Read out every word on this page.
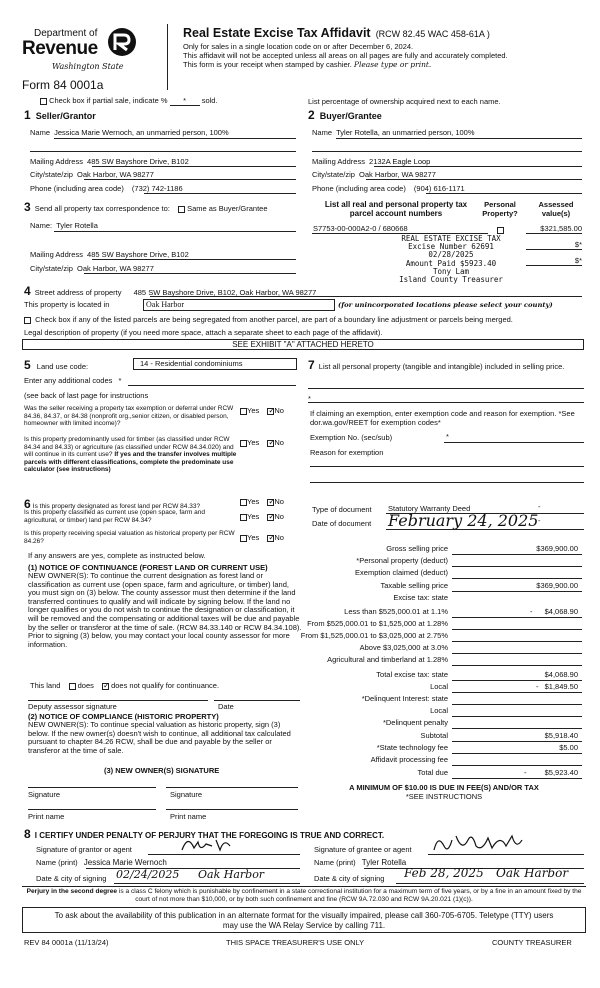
Department of
Revenue
Washington State
Form 84 0001a
Real Estate Excise Tax Affidavit (RCW 82.45 WAC 458-61A )
Only for sales in a single location code on or after December 6, 2024.
This affidavit will not be accepted unless all areas on all pages are fully and accurately completed.
This form is your receipt when stamped by cashier. Please type or print.
Check box if partial sale, indicate % * sold.	List percentage of ownership acquired next to each name.
1 Seller/Grantor	2 Buyer/Grantee
Name Jessica Marie Wernoch, an unmarried person, 100%
Mailing Address 485 SW Bayshore Drive, B102
City/state/zip Oak Harbor, WA 98277
Phone (including area code) (732) 742-1186
Name Tyler Rotella, an unmarried person, 100%
Mailing Address 2132A Eagle Loop
City/state/zip Oak Harbor, WA 98277
Phone (including area code) (904) 616-1171
3 Send all property tax correspondence to: Same as Buyer/Grantee
Name: Tyler Rotella
Mailing Address 485 SW Bayshore Drive, B102
City/state/zip Oak Harbor, WA 98277
List all real and personal property tax parcel account numbers
Personal Property?
Assessed value(s)
S7753-00-000A2-0 / 680668	$321,585.00
$*
$*
REAL ESTATE EXCISE TAX
Excise Number 62691
02/28/2025
Amount Paid $5923.40
Tony Lam
Island County Treasurer
4 Street address of property 485 SW Bayshore Drive, B102, Oak Harbor, WA 98277
This property is located in	Oak Harbor	(for unincorporated locations please select your county)
Check box if any of the listed parcels are being segregated from another parcel, are part of a boundary line adjustment or parcels being merged.
Legal description of property (if you need more space, attach a separate sheet to each page of the affidavit).
SEE EXHIBIT "A" ATTACHED HERETO
5 Land use code:	14 - Residential condominiums
Enter any additional codes *
(see back of last page for instructions
Was the seller receiving a property tax exemption or deferral under RCW 84.36, 84.37, or 84.38 (nonprofit org.,senior citizen, or disabled person, homeowner with limited income)?
Yes ✓ No
Is this property predominantly used for timber (as classified under RCW 84.34 and 84.33) or agriculture (as classified under RCW 84.34.020) and will continue in its current use? If yes and the transfer involves multiple parcels with different classifications, complete the predominate use calculator (see instructions)
Yes ✓ No
7 List all personal property (tangible and intangible) included in selling price.
*
If claiming an exemption, enter exemption code and reason for exemption. *See dor.wa.gov/REET for exemption codes*
Exemption No. (sec/sub)	*
Reason for exemption
6 Is this property designated as forest land per RCW 84.33?
Yes ✓ No
Is this property classified as current use (open space, farm and agricultural, or timber) land per RCW 84.34?	Yes ✓ No
Is this property receiving special valuation as historical property per RCW 84.26?	Yes ✓ No
If any answers are yes, complete as instructed below.
(1) NOTICE OF CONTINUANCE (FOREST LAND OR CURRENT USE)
NEW OWNER(S): To continue the current designation as forest land or classification as current use (open space, farm and agriculture, or timber) land, you must sign on (3) below. The county assessor must then determine if the land transferred continues to qualify and will indicate by signing below. If the land no longer qualifies or you do not wish to continue the designation or classification, it will be removed and the compensating or additional taxes will be due and payable by the seller or transferor at the time of sale. (RCW 84.33.140 or RCW 84.34.108). Prior to signing (3) below, you may contact your local county assessor for more information.
This land does ✓ does not qualify for continuance.
Deputy assessor signature	Date
(2) NOTICE OF COMPLIANCE (HISTORIC PROPERTY)
NEW OWNER(S): To continue special valuation as historic property, sign (3) below. If the new owner(s) doesn't wish to continue, all additional tax calculated pursuant to chapter 84.26 RCW, shall be due and payable by the seller or transferor at the time of sale.
(3) NEW OWNER(S) SIGNATURE
Signature	Signature
Print name	Print name
Type of document Statutory Warranty Deed	-
Date of document February 24, 2025 -
Gross selling price	$369,900.00
*Personal property (deduct)
Exemption claimed (deduct)
Taxable selling price	$369,900.00
Excise tax: state
Less than $525,000.01 at 1.1%	-	$4,068.90
From $525,000.01 to $1,525,000 at 1.28%
From $1,525,000.01 to $3,025,000 at 2.75%
Above $3,025,000 at 3.0%
Agricultural and timberland at 1.28%
Total excise tax: state	$4,068.90
Local	- $1,849.50
*Delinquent Interest: state
Local
*Delinquent penalty
Subtotal	$5,918.40
*State technology fee	$5.00
Affidavit processing fee
Total due	-	$5,923.40
A MINIMUM OF $10.00 IS DUE IN FEE(S) AND/OR TAX
*SEE INSTRUCTIONS
8 I CERTIFY UNDER PENALTY OF PERJURY THAT THE FOREGOING IS TRUE AND CORRECT.
Signature of grantor or agent	Signature of grantee or agent
Name (print) Jessica Marie Wernoch	Name (print) Tyler Rotella
Date & city of signing 02/24/2025 Oak Harbor	Date & city of signing Feb 28, 2025 Oak Harbor
Perjury in the second degree is a class C felony which is punishable by confinement in a state correctional institution for a maximum term of five years, or by a fine in an amount fixed by the court of not more than $10,000, or by both such confinement and fine (RCW 9A.72.030 and RCW 9A.20.021 (1)(c)).
To ask about the availability of this publication in an alternate format for the visually impaired, please call 360-705-6705. Teletype (TTY) users may use the WA Relay Service by calling 711.
REV 84 0001a (11/13/24)	THIS SPACE TREASURER'S USE ONLY	COUNTY TREASURER
